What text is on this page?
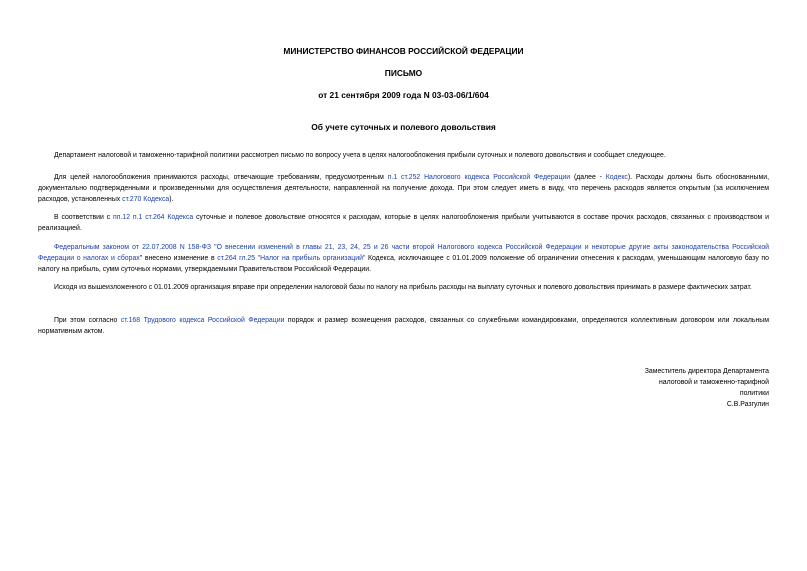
МИНИСТЕРСТВО ФИНАНСОВ РОССИЙСКОЙ ФЕДЕРАЦИИ
ПИСЬМО
от 21 сентября 2009 года N 03-03-06/1/604
Об учете суточных и полевого довольствия

Департамент налоговой и таможенно-тарифной политики рассмотрел письмо по вопросу учета в целях налогообложения прибыли суточных и полевого довольствия и сообщает следующее.

Для целей налогообложения принимаются расходы, отвечающие требованиям, предусмотренным п.1 ст.252 Налогового кодекса Российской Федерации (далее - Кодекс). Расходы должны быть обоснованными, документально подтвержденными и произведенными для осуществления деятельности, направленной на получение дохода. При этом следует иметь в виду, что перечень расходов является открытым (за исключением расходов, установленных ст.270 Кодекса).

В соответствии с пп.12 п.1 ст.264 Кодекса суточные и полевое довольствие относятся к расходам, которые в целях налогообложения прибыли учитываются в составе прочих расходов, связанных с производством и реализацией.

Федеральным законом от 22.07.2008 N 158-ФЗ "О внесении изменений в главы 21, 23, 24, 25 и 26 части второй Налогового кодекса Российской Федерации и некоторые другие акты законодательства Российской Федерации о налогах и сборах" внесено изменение в ст.264 гл.25 "Налог на прибыль организаций" Кодекса, исключающее с 01.01.2009 положение об ограничении отнесения к расходам, уменьшающим налоговую базу по налогу на прибыль, сумм суточных нормами, утверждаемыми Правительством Российской Федерации.

Исходя из вышеизложенного с 01.01.2009 организация вправе при определении налоговой базы по налогу на прибыль расходы на выплату суточных и полевого довольствия принимать в размере фактических затрат.

При этом согласно ст.168 Трудового кодекса Российской Федерации порядок и размер возмещения расходов, связанных со служебными командировками, определяются коллективным договором или локальным нормативным актом.

Заместитель директора Департамента
налоговой и таможенно-тарифной
политики
С.В.Разгулин
